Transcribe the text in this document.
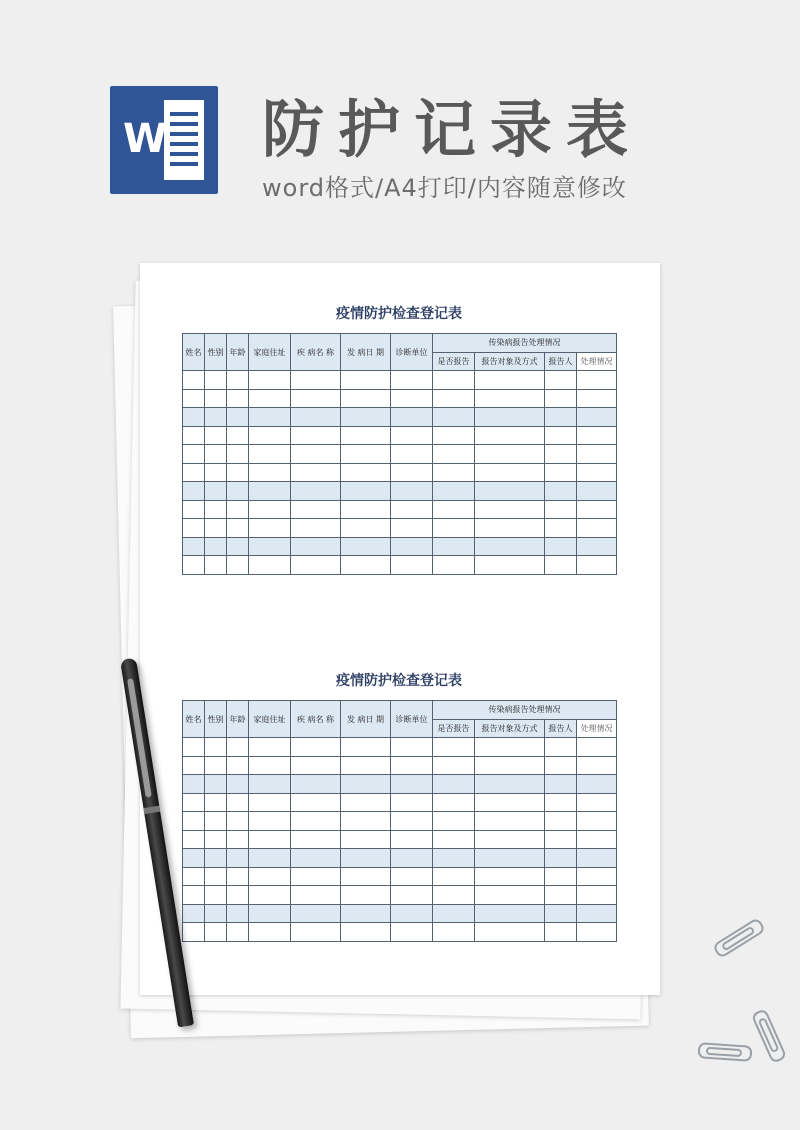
W 防护记录表
word格式/A4打印/内容随意修改
疫情防护检查登记表
姓名	性别	年龄	家庭住址	疾 病名 称	发 病日 期	诊断单位	传染病报告处理情况			
							是否报告	报告对象及方式	报告人	处理情况

疫情防护检查登记表
姓名	性别	年龄	家庭住址	疾 病名 称	发 病日 期	诊断单位	传染病报告处理情况			
							是否报告	报告对象及方式	报告人	处理情况
